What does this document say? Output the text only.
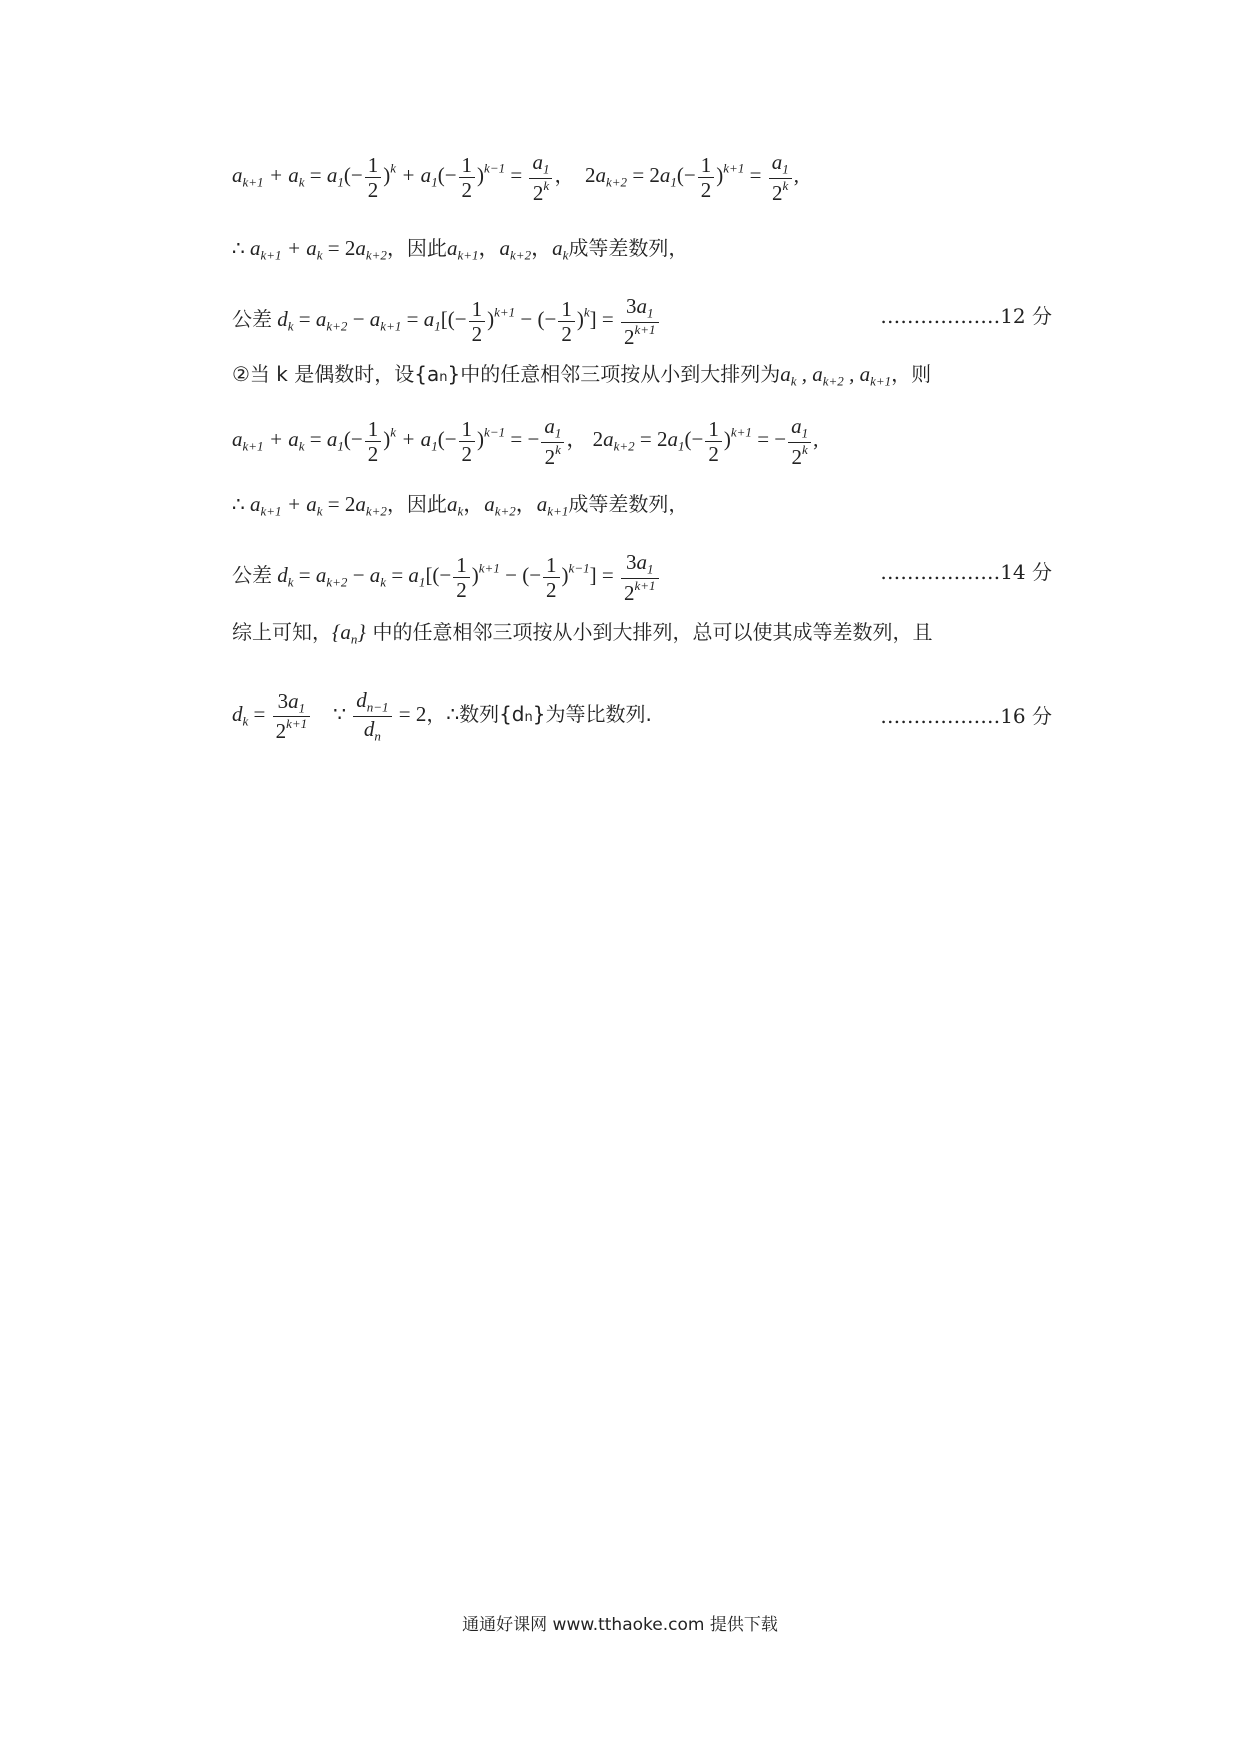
$a_{k+1} + a_k = a_1(- \frac{1}{2} )^k + a_1(- \frac{1}{2} )^{k-1} = \frac{a_1}{2^k}$ ， $2a_{k+2} = 2a_1(- \frac{1}{2} )^{k+1} = \frac{a_1}{2^k}$ ,
∴ $a_{k+1} + a_k = 2a_{k+2}$，因此$a_{k+1}$，$a_{k+2}$，$a_k$成等差数列，
公差 $d_k = a_{k+2} - a_{k+1} = a_1[(- \frac{1}{2} )^{k+1}$ − (− $\frac{1}{2} )^k] = \frac{3a_1}{2^{k+1}}$	………………12 分
②当 k 是偶数时，设{an}中的任意相邻三项按从小到大排列为$a_k$ , $a_{k+2}$ , $a_{k+1}$，则
$a_{k+1} + a_k = a_1(- \frac{1}{2} )^k + a_1(- \frac{1}{2} )^{k-1}$ = − $\frac{a_1}{2^k}$ ， $2a_{k+2} = 2a_1(- \frac{1}{2} )^{k+1}$ = − $\frac{a_1}{2^k}$ ,
∴ $a_{k+1} + a_k = 2a_{k+2}$，因此$a_k$，$a_{k+2}$，$a_{k+1}$成等差数列，
公差 $d_k = a_{k+2} - a_k = a_1[(- \frac{1}{2} )^{k+1}$ − (− $\frac{1}{2} )^{k-1}] = \frac{3a_1}{2^{k+1}}$	………………14 分
综上可知，$\{a_n\}$ 中的任意相邻三项按从小到大排列，总可以使其成等差数列，且
$d_k = \frac{3a_1}{2^{k+1}}$ ∵ $\frac{d_{n-1}}{d_n} = 2$，∴数列{dn}为等比数列.	………………16 分
通通好课网 www.tthaoke.com 提供下载
